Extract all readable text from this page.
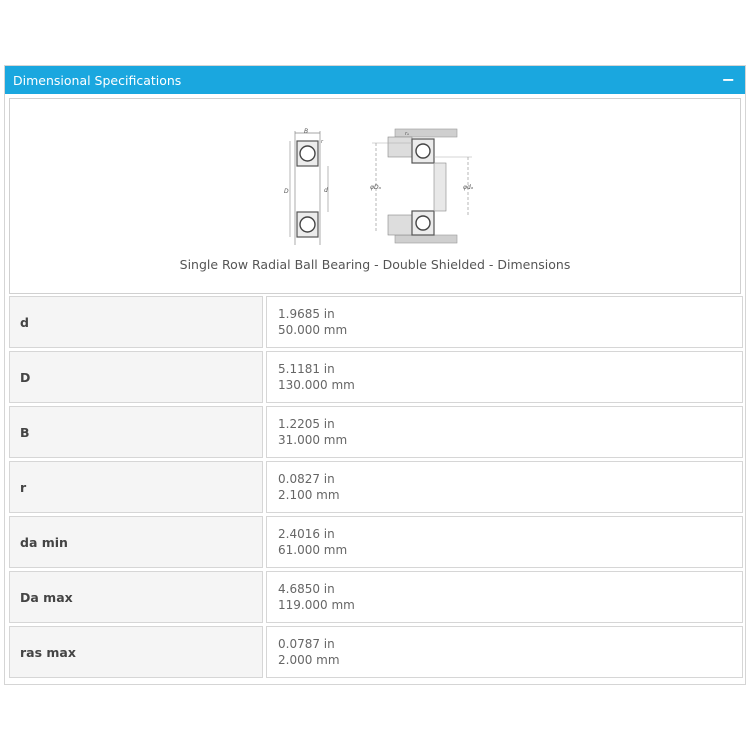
Dimensional Specifications	−
B
D	d
r
φDₐ	φdₐ
rₐ
Single Row Radial Ball Bearing - Double Shielded - Dimensions
d
1.9685 in
50.000 mm
D
5.1181 in
130.000 mm
B
1.2205 in
31.000 mm
r
0.0827 in
2.100 mm
da min
2.4016 in
61.000 mm
Da max
4.6850 in
119.000 mm
ras max
0.0787 in
2.000 mm
